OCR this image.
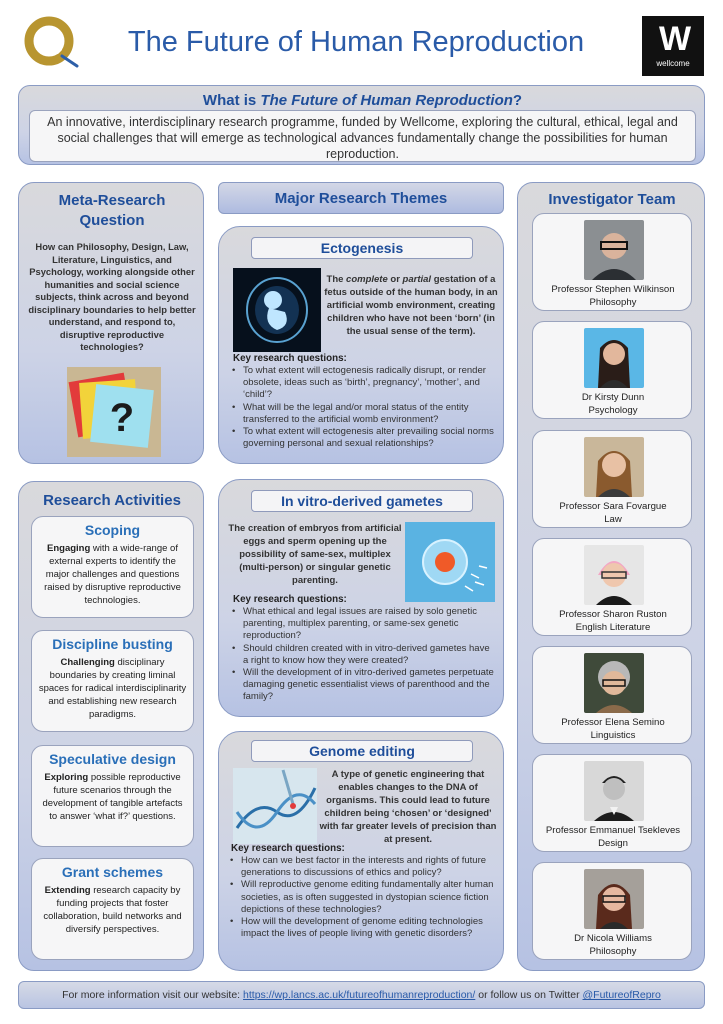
The Future of Human Reproduction	W
wellcome
What is The Future of Human Reproduction?
An innovative, interdisciplinary research programme, funded by Wellcome, exploring the cultural, ethical, legal and social challenges that will emerge as technological advances fundamentally change the possibilities for human reproduction.
Meta-Research Question
How can Philosophy, Design, Law, Literature, Linguistics, and Psychology, working alongside other humanities and social science subjects, think across and beyond disciplinary boundaries to help better understand, and respond to, disruptive reproductive technologies?
?
Research Activities
Scoping
Engaging with a wide-range of external experts to identify the major challenges and questions raised by disruptive reproductive technologies.
Discipline busting
Challenging disciplinary boundaries by creating liminal spaces for radical interdisciplinarity and establishing new research paradigms.
Speculative design
Exploring possible reproductive future scenarios through the development of tangible artefacts to answer ‘what if?’ questions.
Grant schemes
Extending research capacity by funding projects that foster collaboration, build networks and diversify perspectives.
Major Research Themes
Ectogenesis
The complete or partial gestation of a fetus outside of the human body, in an artificial womb environment, creating children who have not been ‘born’ (in the usual sense of the term).
Key research questions:
• To what extent will ectogenesis radically disrupt, or render obsolete, ideas such as ‘birth’, pregnancy’, ‘mother’, and ‘child’?
• What will be the legal and/or moral status of the entity transferred to the artificial womb environment?
• To what extent will ectogenesis alter prevailing social norms governing personal and sexual relationships?
In vitro-derived gametes
The creation of embryos from artificial eggs and sperm opening up the possibility of same-sex, multiplex (multi-person) or singular genetic parenting.
Key research questions:
• What ethical and legal issues are raised by solo genetic parenting, multiplex parenting, or same-sex genetic reproduction?
• Should children created with in vitro-derived gametes have a right to know how they were created?
• Will the development of in vitro-derived gametes perpetuate damaging genetic essentialist views of parenthood and the family?
Genome editing
A type of genetic engineering that enables changes to the DNA of organisms. This could lead to future children being ‘chosen’ or ‘designed’ with far greater levels of precision than at present.
Key research questions:
• How can we best factor in the interests and rights of future generations to discussions of ethics and policy?
• Will reproductive genome editing fundamentally alter human societies, as is often suggested in dystopian science fiction depictions of these technologies?
• How will the development of genome editing technologies impact the lives of people living with genetic disorders?
Investigator Team
Professor Stephen Wilkinson
Philosophy
Dr Kirsty Dunn
Psychology
Professor Sara Fovargue
Law
Professor Sharon Ruston
English Literature
Professor Elena Semino
Linguistics
Professor Emmanuel Tsekleves
Design
Dr Nicola Williams
Philosophy
For more information visit our website: https://wp.lancs.ac.uk/futureofhumanreproduction/ or follow us on Twitter @FutureofRepro
